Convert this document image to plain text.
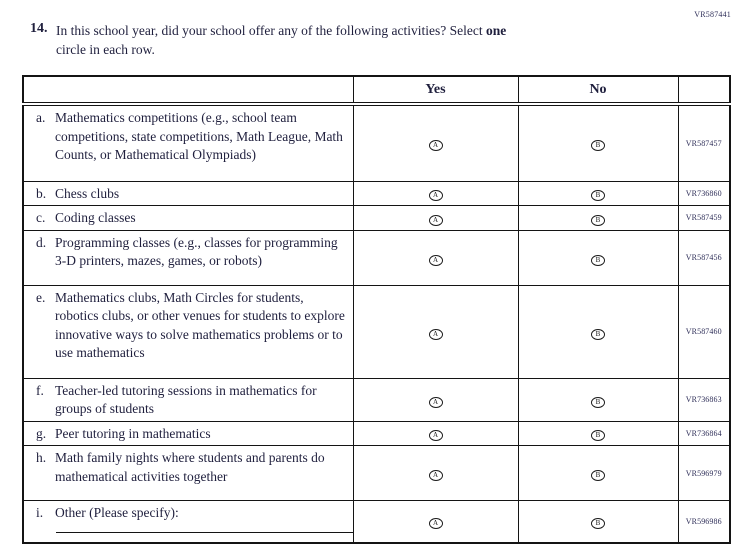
VR587441
14. In this school year, did your school offer any of the following activities? Select one
circle in each row.
	Yes	No	

a. Mathematics competitions (e.g., school team competitions, state competitions, Math League, Math Counts, or Mathematical Olympiads)	A	B	VR587457

b. Chess clubs	A	B	VR736860

c. Coding classes	A	B	VR587459

d. Programming classes (e.g., classes for programming 3-D printers, mazes, games, or robots)	A	B	VR587456

e. Mathematics clubs, Math Circles for students, robotics clubs, or other venues for students to explore innovative ways to solve mathematics problems or to use mathematics	A	B	VR587460

f. Teacher-led tutoring sessions in mathematics for groups of students	A	B	VR736863

g. Peer tutoring in mathematics	A	B	VR736864

h. Math family nights where students and parents do mathematical activities together	A	B	VR596979

i. Other (Please specify):	A	B	VR596986
